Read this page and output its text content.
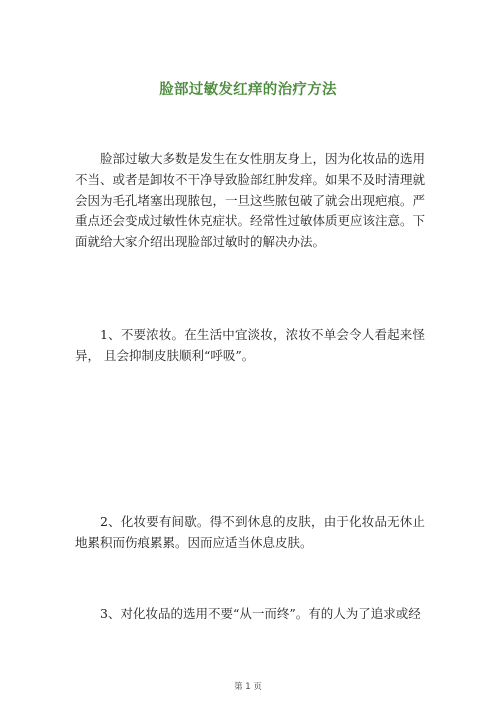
脸部过敏发红痒的治疗方法

脸部过敏大多数是发生在女性朋友身上，因为化妆品的选用不当、或者是卸妆不干净导致脸部红肿发痒。如果不及时清理就会因为毛孔堵塞出现脓包，一旦这些脓包破了就会出现疤痕。严重点还会变成过敏性休克症状。经常性过敏体质更应该注意。下面就给大家介绍出现脸部过敏时的解决办法。

1、不要浓妆。在生活中宜淡妆，浓妆不单会令人看起来怪异， 且会抑制皮肤顺利“呼吸”。

2、化妆要有间歇。得不到休息的皮肤，由于化妆品无休止地累积而伤痕累累。因而应适当休息皮肤。

3、对化妆品的选用不要“从一而终”。有的人为了追求或经

第 1 页
